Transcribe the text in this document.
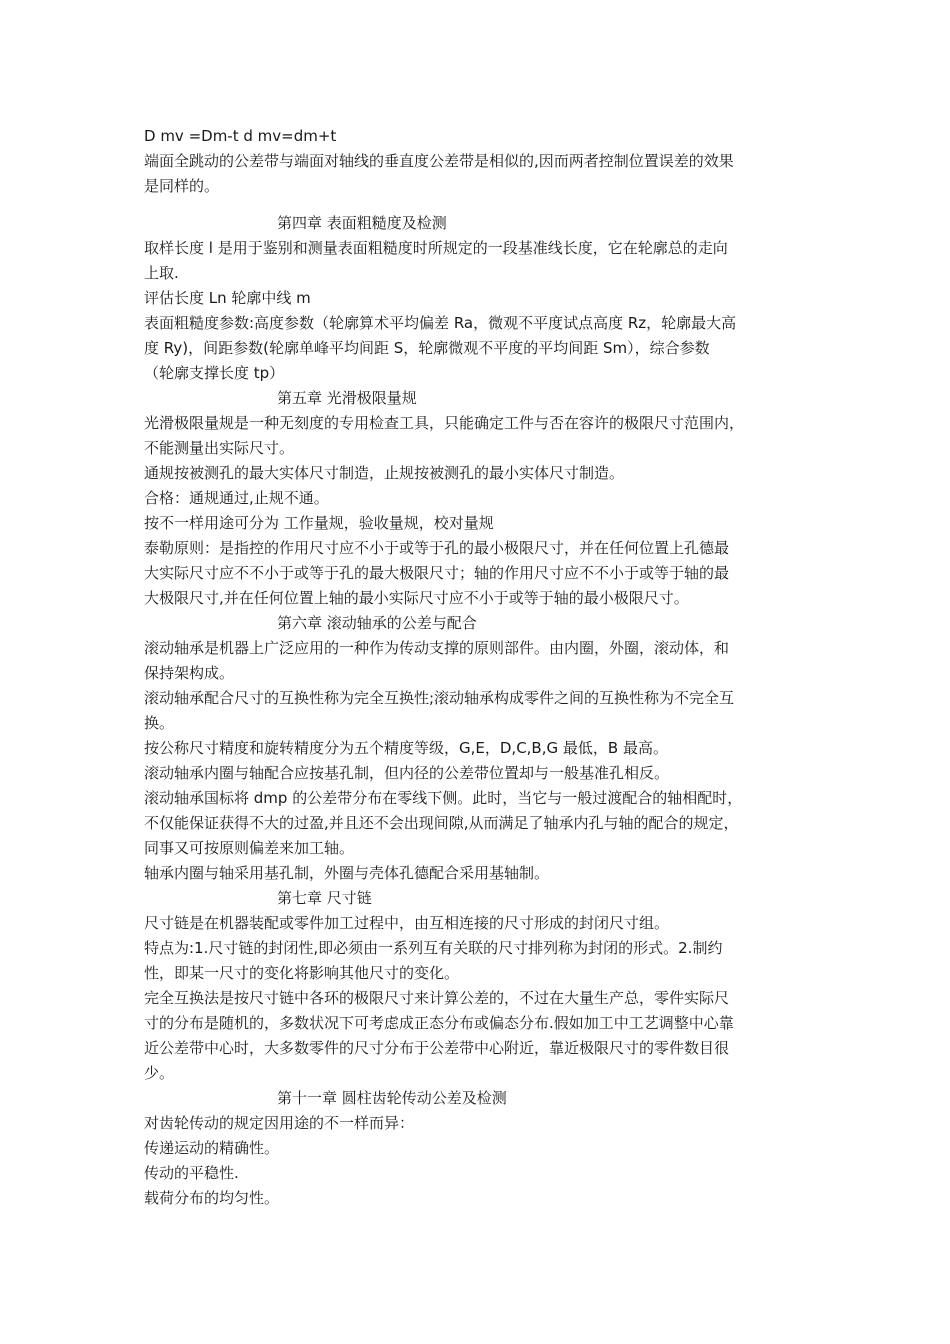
D mv =Dm-t d mv=dm+t
端面全跳动的公差带与端面对轴线的垂直度公差带是相似的,因而两者控制位置误差的效果
是同样的。
第四章 表面粗糙度及检测
取样长度 l 是用于鉴别和测量表面粗糙度时所规定的一段基准线长度，它在轮廓总的走向
上取.
评估长度 Ln 轮廓中线 m
表面粗糙度参数:高度参数（轮廓算术平均偏差 Ra，微观不平度试点高度 Rz，轮廓最大高
度 Ry)，间距参数(轮廓单峰平均间距 S，轮廓微观不平度的平均间距 Sm），综合参数
（轮廓支撑长度 tp）
第五章 光滑极限量规
光滑极限量规是一种无刻度的专用检查工具，只能确定工件与否在容许的极限尺寸范围内，
不能测量出实际尺寸。
通规按被测孔的最大实体尺寸制造，止规按被测孔的最小实体尺寸制造。
合格：通规通过,止规不通。
按不一样用途可分为 工作量规，验收量规，校对量规
泰勒原则：是指控的作用尺寸应不小于或等于孔的最小极限尺寸，并在任何位置上孔德最
大实际尺寸应不不小于或等于孔的最大极限尺寸；轴的作用尺寸应不不小于或等于轴的最
大极限尺寸,并在任何位置上轴的最小实际尺寸应不小于或等于轴的最小极限尺寸。
第六章 滚动轴承的公差与配合
滚动轴承是机器上广泛应用的一种作为传动支撑的原则部件。由内圈，外圈，滚动体，和
保持架构成。
滚动轴承配合尺寸的互换性称为完全互换性;滚动轴承构成零件之间的互换性称为不完全互
换。
按公称尺寸精度和旋转精度分为五个精度等级，G,E，D,C,B,G 最低，B 最高。
滚动轴承内圈与轴配合应按基孔制，但内径的公差带位置却与一般基准孔相反。
滚动轴承国标将 dmp 的公差带分布在零线下侧。此时，当它与一般过渡配合的轴相配时，
不仅能保证获得不大的过盈,并且还不会出现间隙,从而满足了轴承内孔与轴的配合的规定，
同事又可按原则偏差来加工轴。
轴承内圈与轴采用基孔制，外圈与壳体孔德配合采用基轴制。
第七章 尺寸链
尺寸链是在机器装配或零件加工过程中，由互相连接的尺寸形成的封闭尺寸组。
特点为:1.尺寸链的封闭性,即必须由一系列互有关联的尺寸排列称为封闭的形式。2.制约
性，即某一尺寸的变化将影响其他尺寸的变化。
完全互换法是按尺寸链中各环的极限尺寸来计算公差的，不过在大量生产总，零件实际尺
寸的分布是随机的，多数状况下可考虑成正态分布或偏态分布.假如加工中工艺调整中心靠
近公差带中心时，大多数零件的尺寸分布于公差带中心附近，靠近极限尺寸的零件数目很
少。
第十一章 圆柱齿轮传动公差及检测
对齿轮传动的规定因用途的不一样而异：
传递运动的精确性。
传动的平稳性.
载荷分布的均匀性。
